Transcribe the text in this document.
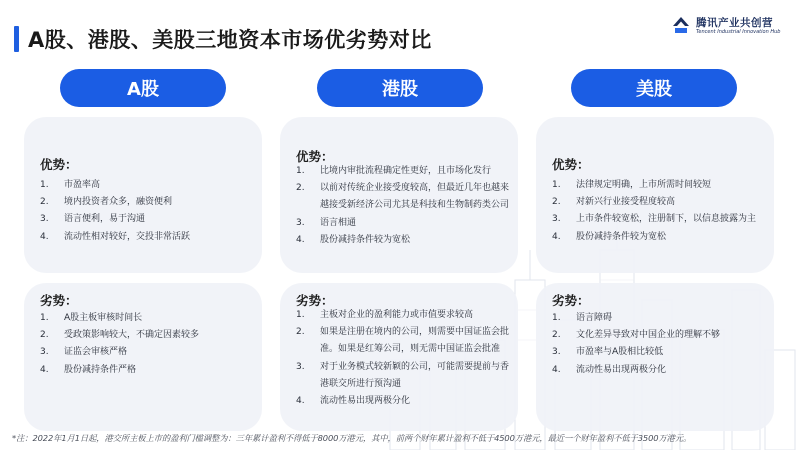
A股、港股、美股三地资本市场优劣势对比
腾讯产业共创营
Tencent Industrial Innovation Hub
A股
优势：
1.	市盈率高
2.	境内投资者众多，融资便利
3.	语言便利，易于沟通
4.	流动性相对较好，交投非常活跃
劣势：
1.	A股主板审核时间长
2.	受政策影响较大，不确定因素较多
3.	证监会审核严格
4.	股份减持条件严格
港股
优势：
1.	比境内审批流程确定性更好，且市场化发行
2.	以前对传统企业接受度较高，但最近几年也越来越接受新经济公司尤其是科技和生物制药类公司
3.	语言相通
4.	股份减持条件较为宽松
劣势：
1.	主板对企业的盈利能力或市值要求较高
2.	如果是注册在境内的公司，则需要中国证监会批准。如果是红筹公司，则无需中国证监会批准
3.	对于业务模式较新颖的公司，可能需要提前与香港联交所进行预沟通
4.	流动性易出现两极分化
美股
优势：
1.	法律规定明确，上市所需时间较短
2.	对新兴行业接受程度较高
3.	上市条件较宽松，注册制下，以信息披露为主
4.	股份减持条件较为宽松
劣势：
1.	语言障碍
2.	文化差异导致对中国企业的理解不够
3.	市盈率与A股相比较低
4.	流动性易出现两极分化
*注：2022年1月1日起，港交所主板上市的盈利门槛调整为：三年累计盈利不得低于8000万港元，其中，前两个财年累计盈利不低于4500万港元，最近一个财年盈利不低于3500万港元。
